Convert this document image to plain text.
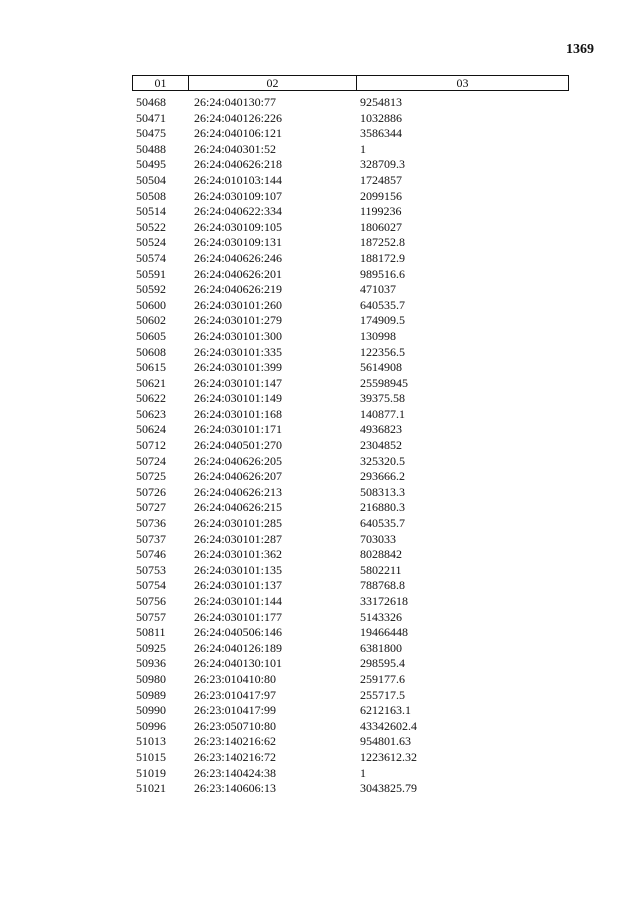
1369
01	02	03
50468 26:24:040130:77	9254813
50471 26:24:040126:226	1032886
50475 26:24:040106:121	3586344
50488 26:24:040301:52	1
50495 26:24:040626:218	328709.3
50504 26:24:010103:144	1724857
50508 26:24:030109:107	2099156
50514 26:24:040622:334	1199236
50522 26:24:030109:105	1806027
50524 26:24:030109:131	187252.8
50574 26:24:040626:246	188172.9
50591 26:24:040626:201	989516.6
50592 26:24:040626:219	471037
50600 26:24:030101:260	640535.7
50602 26:24:030101:279	174909.5
50605 26:24:030101:300	130998
50608 26:24:030101:335	122356.5
50615 26:24:030101:399	5614908
50621 26:24:030101:147	25598945
50622 26:24:030101:149	39375.58
50623 26:24:030101:168	140877.1
50624 26:24:030101:171	4936823
50712 26:24:040501:270	2304852
50724 26:24:040626:205	325320.5
50725 26:24:040626:207	293666.2
50726 26:24:040626:213	508313.3
50727 26:24:040626:215	216880.3
50736 26:24:030101:285	640535.7
50737 26:24:030101:287	703033
50746 26:24:030101:362	8028842
50753 26:24:030101:135	5802211
50754 26:24:030101:137	788768.8
50756 26:24:030101:144	33172618
50757 26:24:030101:177	5143326
50811 26:24:040506:146	19466448
50925 26:24:040126:189	6381800
50936 26:24:040130:101	298595.4
50980 26:23:010410:80	259177.6
50989 26:23:010417:97	255717.5
50990 26:23:010417:99	6212163.1
50996 26:23:050710:80	43342602.4
51013 26:23:140216:62	954801.63
51015 26:23:140216:72	1223612.32
51019 26:23:140424:38	1
51021 26:23:140606:13	3043825.79
